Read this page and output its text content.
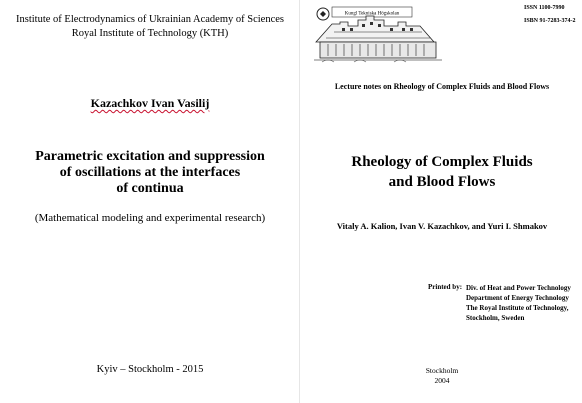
Institute of Electrodynamics of Ukrainian Academy of Sciences
Royal Institute of Technology (KTH)
Kazachkov Ivan Vasilij
Parametric excitation and suppression
of oscillations at the interfaces
of continua
(Mathematical modeling and experimental research)
Kyiv – Stockholm - 2015
ISSN 1100-7990
ISBN 91-7283-374-2
Kungl Tekniska Högskolan
Lecture notes on Rheology of Complex Fluids and Blood Flows
Rheology of Complex Fluids
and Blood Flows
Vitaly A. Kalion, Ivan V. Kazachkov, and Yuri I. Shmakov
Printed by: Div. of Heat and Power Technology
Department of Energy Technology
The Royal Institute of Technology,
Stockholm, Sweden
Stockholm
2004
